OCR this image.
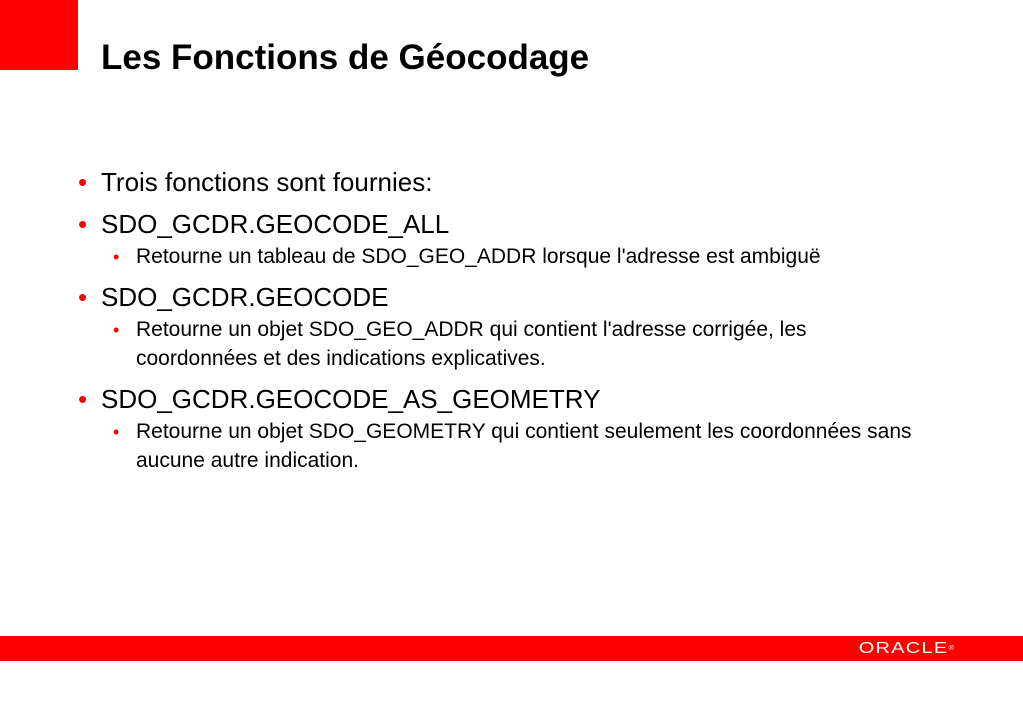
Les Fonctions de Géocodage
• Trois fonctions sont fournies:
• SDO_GCDR.GEOCODE_ALL
• Retourne un tableau de SDO_GEO_ADDR lorsque l'adresse est ambiguë
• SDO_GCDR.GEOCODE
• Retourne un objet SDO_GEO_ADDR qui contient l'adresse corrigée, les coordonnées et des indications explicatives.
• SDO_GCDR.GEOCODE_AS_GEOMETRY
• Retourne un objet SDO_GEOMETRY qui contient seulement les coordonnées sans aucune autre indication.
ORACLE®
